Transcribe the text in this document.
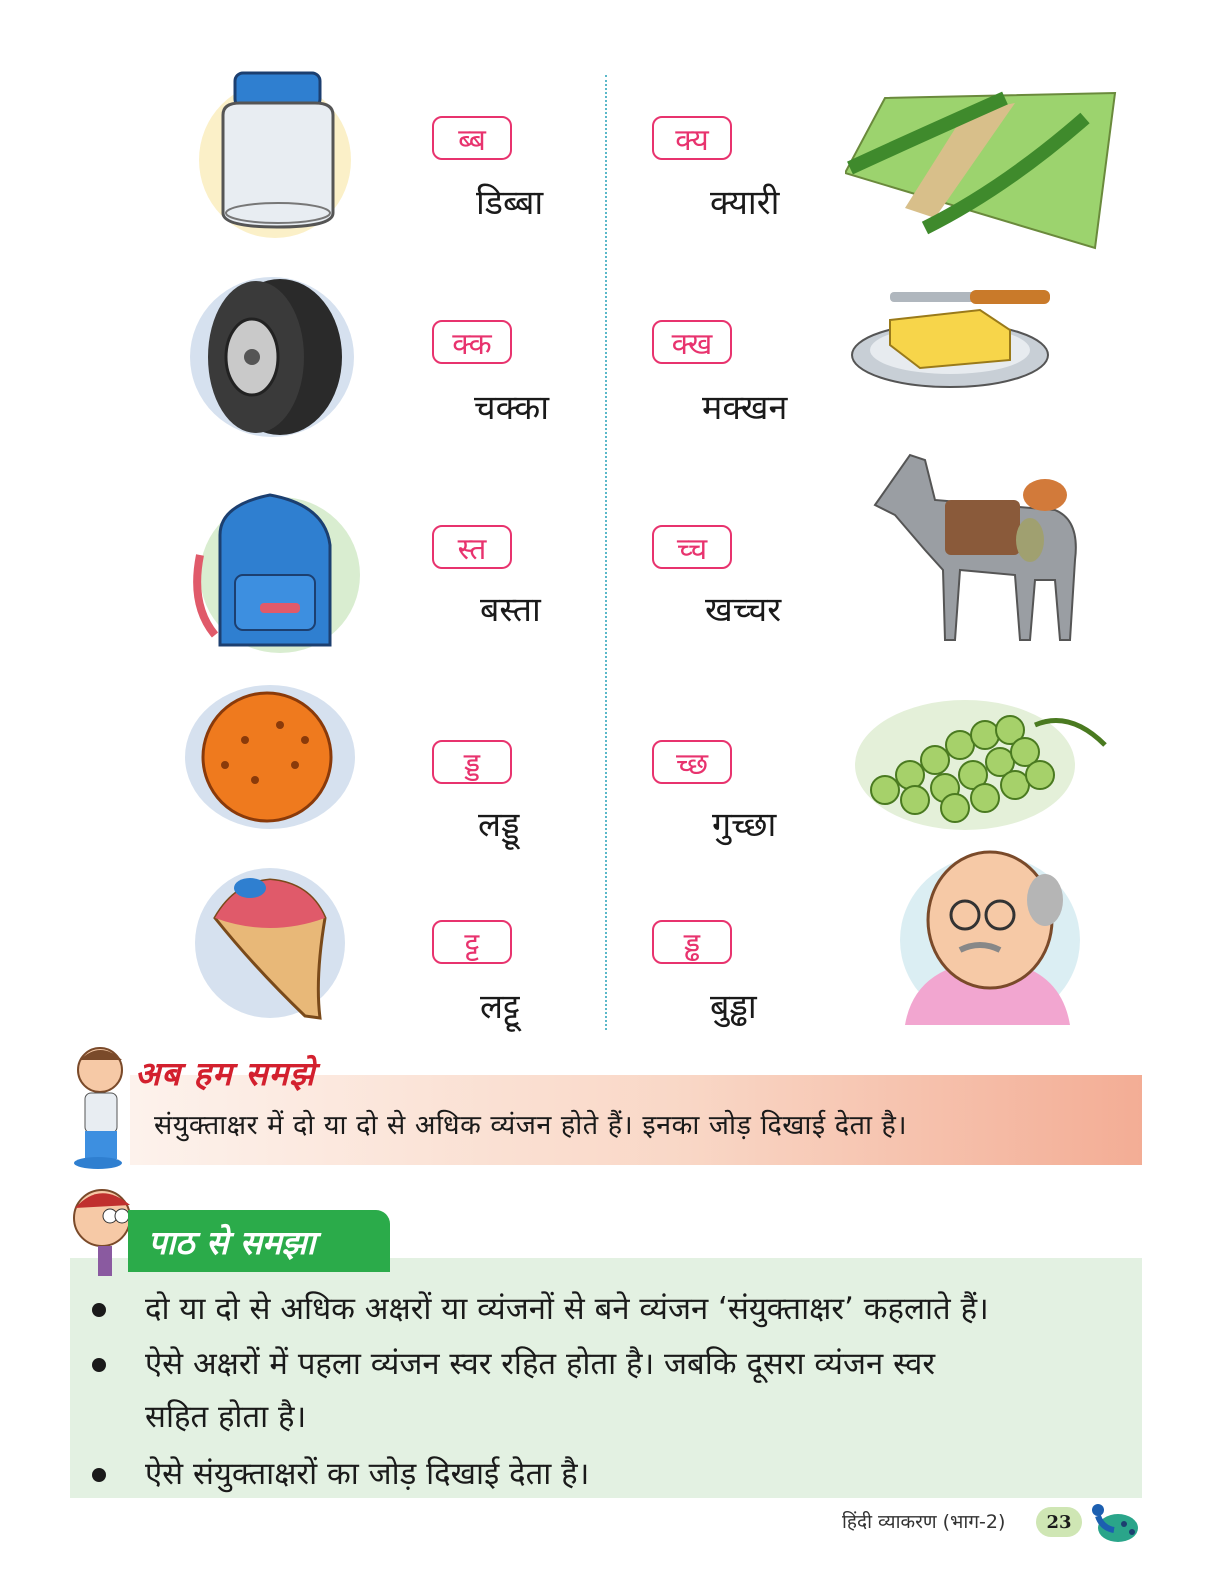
ब्ब
डिब्बा
क्य
क्यारी
क्क
चक्का
क्ख
मक्खन
स्त
बस्ता
च्च
खच्चर
ड्ड
लड्डू
च्छ
गुच्छा
ट्ट
लट्टू
ड्ढ
बुड्ढा
संयुक्ताक्षर में दो या दो से अधिक व्यंजन होते हैं। इनका जोड़ दिखाई देता है।
अब हम समझे
पाठ से समझा
दो या दो से अधिक अक्षरों या व्यंजनों से बने व्यंजन ‘संयुक्ताक्षर’ कहलाते हैं।
ऐसे अक्षरों में पहला व्यंजन स्वर रहित होता है। जबकि दूसरा व्यंजन स्वर
सहित होता है।
ऐसे संयुक्ताक्षरों का जोड़ दिखाई देता है।
हिंदी व्याकरण (भाग-2)	23
